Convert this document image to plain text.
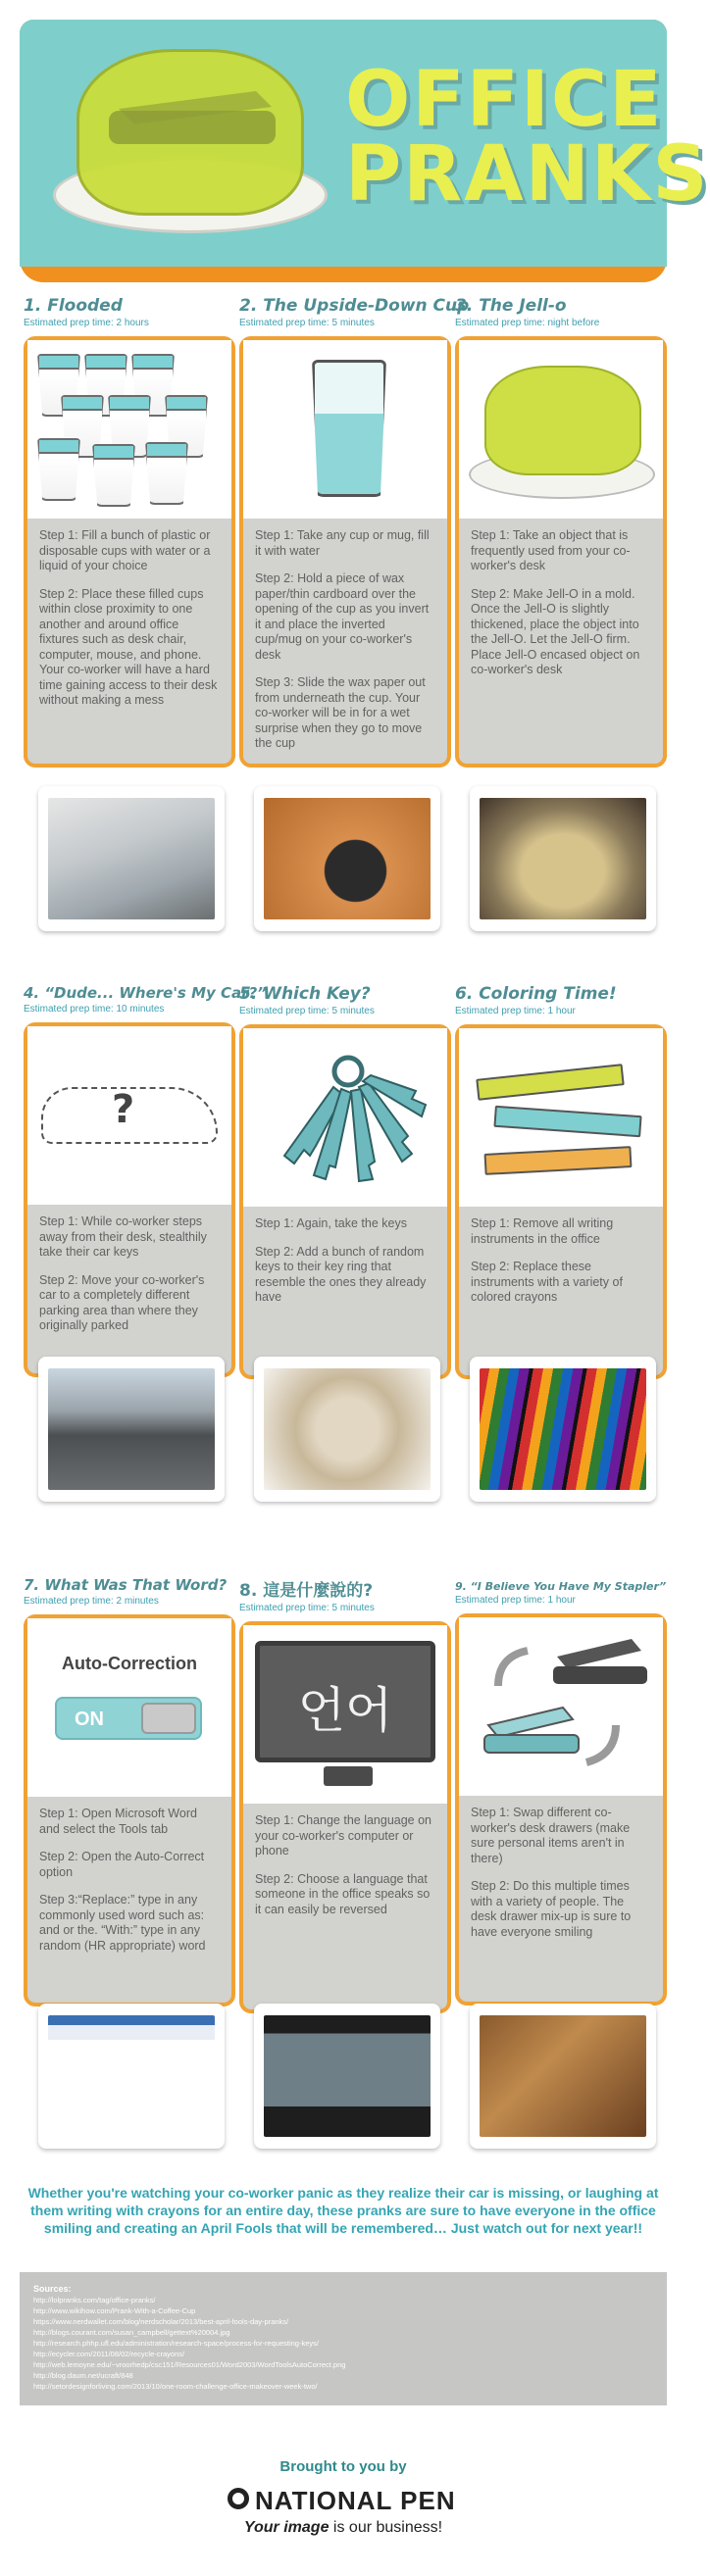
OFFICE
PRANKS
1. Flooded
Estimated prep time: 2 hours

Step 1: Fill a bunch of plastic or disposable cups with water or a liquid of your choice

Step 2: Place these filled cups within close proximity to one another and around office fixtures such as desk chair, computer, mouse, and phone. Your co-worker will have a hard time gaining access to their desk without making a mess

2. The Upside-Down Cup
Estimated prep time: 5 minutes

Step 1: Take any cup or mug, fill it with water

Step 2: Hold a piece of wax paper/thin cardboard over the opening of the cup as you invert it and place the inverted cup/mug on your co-worker's desk

Step 3: Slide the wax paper out from underneath the cup. Your co-worker will be in for a wet surprise when they go to move the cup

3. The Jell-o
Estimated prep time: night before

Step 1: Take an object that is frequently used from your co-worker's desk

Step 2: Make Jell-O in a mold. Once the Jell-O is slightly thickened, place the object into the Jell-O. Let the Jell-O firm. Place Jell-O encased object on co-worker's desk

4. “Dude... Where's My Car?”
Estimated prep time: 10 minutes
?

Step 1: While co-worker steps away from their desk, stealthily take their car keys

Step 2: Move your co-worker's car to a completely different parking area than where they originally parked

5. Which Key?
Estimated prep time: 5 minutes

Step 1: Again, take the keys

Step 2: Add a bunch of random keys to their key ring that resemble the ones they already have

6. Coloring Time!
Estimated prep time: 1 hour

Step 1: Remove all writing instruments in the office

Step 2: Replace these instruments with a variety of colored crayons

7. What Was That Word?
Estimated prep time: 2 minutes
Auto-Correction
ON

Step 1: Open Microsoft Word and select the Tools tab

Step 2: Open the Auto-Correct option

Step 3:“Replace:” type in any commonly used word such as: and or the. “With:” type in any random (HR appropriate) word

8. 這是什麼說的?
Estimated prep time: 5 minutes
언어

Step 1: Change the language on your co-worker's computer or phone

Step 2: Choose a language that someone in the office speaks so it can easily be reversed

9. “I Believe You Have My Stapler”
Estimated prep time: 1 hour

Step 1: Swap different co-worker's desk drawers (make sure personal items aren't in there)

Step 2: Do this multiple times with a variety of people. The desk drawer mix-up is sure to have everyone smiling

Whether you're watching your co-worker panic as they realize their car is missing, or laughing at them writing with crayons for an entire day, these pranks are sure to have everyone in the office smiling and creating an April Fools that will be remembered… Just watch out for next year!!
Sources:
http://lolpranks.com/tag/office-pranks/
http://www.wikihow.com/Prank-With-a-Coffee-Cup
https://www.nerdwallet.com/blog/nerdscholar/2013/best-april-fools-day-pranks/
http://blogs.courant.com/susan_campbell/gettext%20004.jpg
http://research.phhp.ufl.edu/administration/research-space/process-for-requesting-keys/
http://ecycler.com/2011/08/02/recycle-crayons/
http://web.lemoyne.edu/~vroorhedp/csc151/Resources01/Word2003/WordToolsAutoCorrect.png
http://blog.daum.net/ucraft/848
http://setordesignforliving.com/2013/10/one-room-challenge-office-makeover-week-two/
Brought to you by
NATIONAL PEN
Your image is our business!
